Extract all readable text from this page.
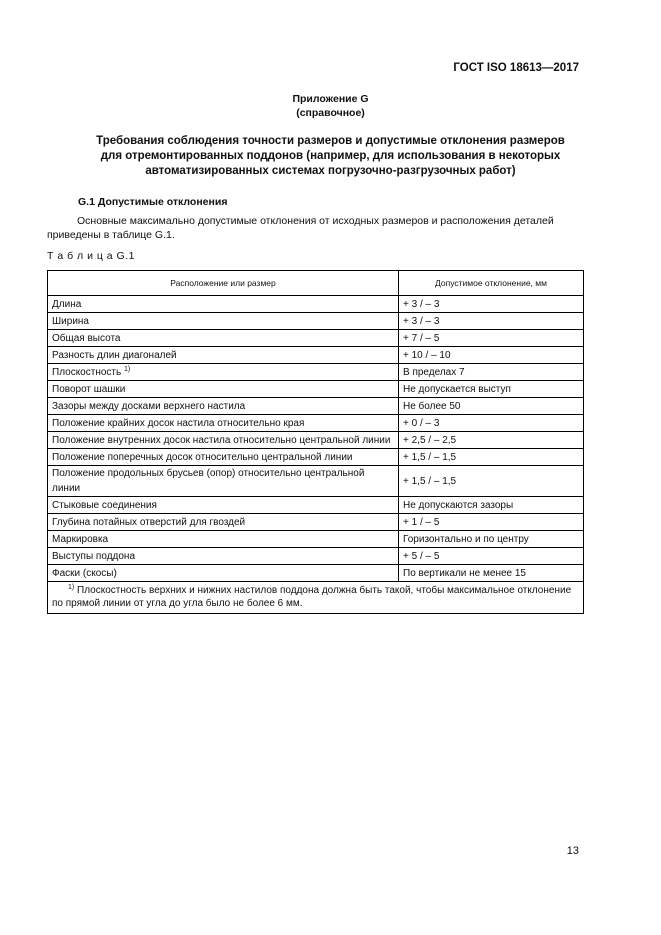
ГОСТ ISO 18613—2017
Приложение G
(справочное)
Требования соблюдения точности размеров и допустимые отклонения размеров
для отремонтированных поддонов (например, для использования в некоторых
автоматизированных системах погрузочно-разгрузочных работ)
G.1 Допустимые отклонения
Основные максимально допустимые отклонения от исходных размеров и расположения деталей приведены в таблице G.1.
Т а б л и ц а G.1
Расположение или размер	Допустимое отклонение, мм
Длина	+ 3 / – 3
Ширина	+ 3 / – 3
Общая высота	+ 7 / – 5
Разность длин диагоналей	+ 10 / – 10
Плоскостность $^{1)}$	В пределах 7
Поворот шашки	Не допускается выступ
Зазоры между досками верхнего настила	Не более 50
Положение крайних досок настила относительно края	+ 0 / – 3
Положение внутренних досок настила относительно центральной линии	+ 2,5 / – 2,5
Положение поперечных досок относительно центральной линии	+ 1,5 / – 1,5
Положение продольных брусьев (опор) относительно центральной линии	+ 1,5 / – 1,5
Стыковые соединения	Не допускаются зазоры
Глубина потайных отверстий для гвоздей	+ 1 / – 5
Маркировка	Горизонтально и по центру
Выступы поддона	+ 5 / – 5
Фаски (скосы)	По вертикали не менее 15
$^{1)}$ Плоскостность верхних и нижних настилов поддона должна быть такой, чтобы максимальное отклонение по прямой линии от угла до угла было не более 6 мм.	
13
